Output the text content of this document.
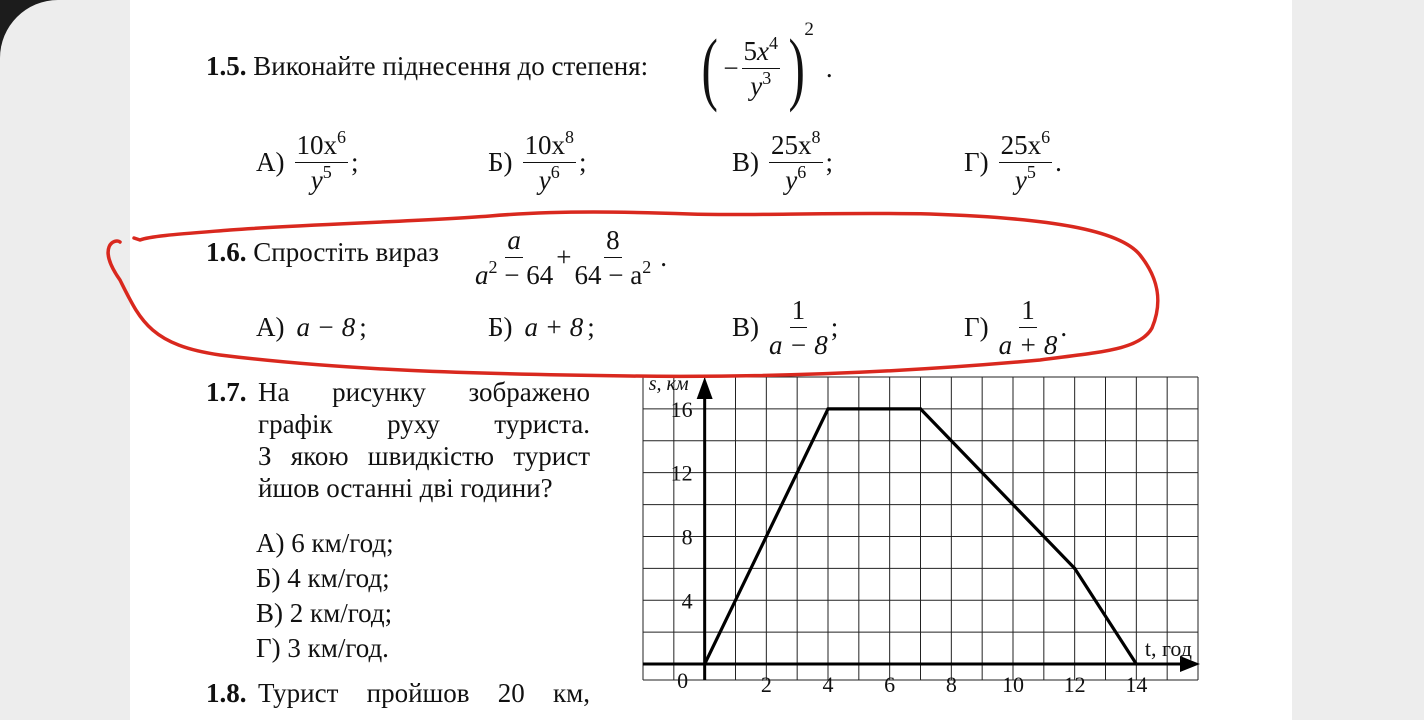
1.5. Виконайте піднесення до степеня: ( − $\frac{5x^4}{y^3}$ ) 2
.
$А) \frac{10x^6}{y^5}$ ;	$Б) \frac{10x^8}{y^6}$ ;	$В) \frac{25x^8}{y^6}$ ;	$Г) \frac{25x^6}{y^5}$ .
1.6. Спростіть вираз $\frac{a}{a^2 - 64} + \frac{8}{64 - a^2}$ .
А) a − 8 ;	Б) a + 8 ;	$В) \frac{1}{a - 8}$ ;	$Г) \frac{1}{a + 8}$ .
1.7. На рисунку зображено
графік руху туриста.
З якою швидкістю турист
йшов останні дві години?
А) 6 км/год;
Б) 4 км/год;
В) 2 км/год;
Г) 3 км/год.
1.8. Турист пройшов 20 км,	2 4 6 8 10 12 14
4
8
12
16
0
s, км
t, год
